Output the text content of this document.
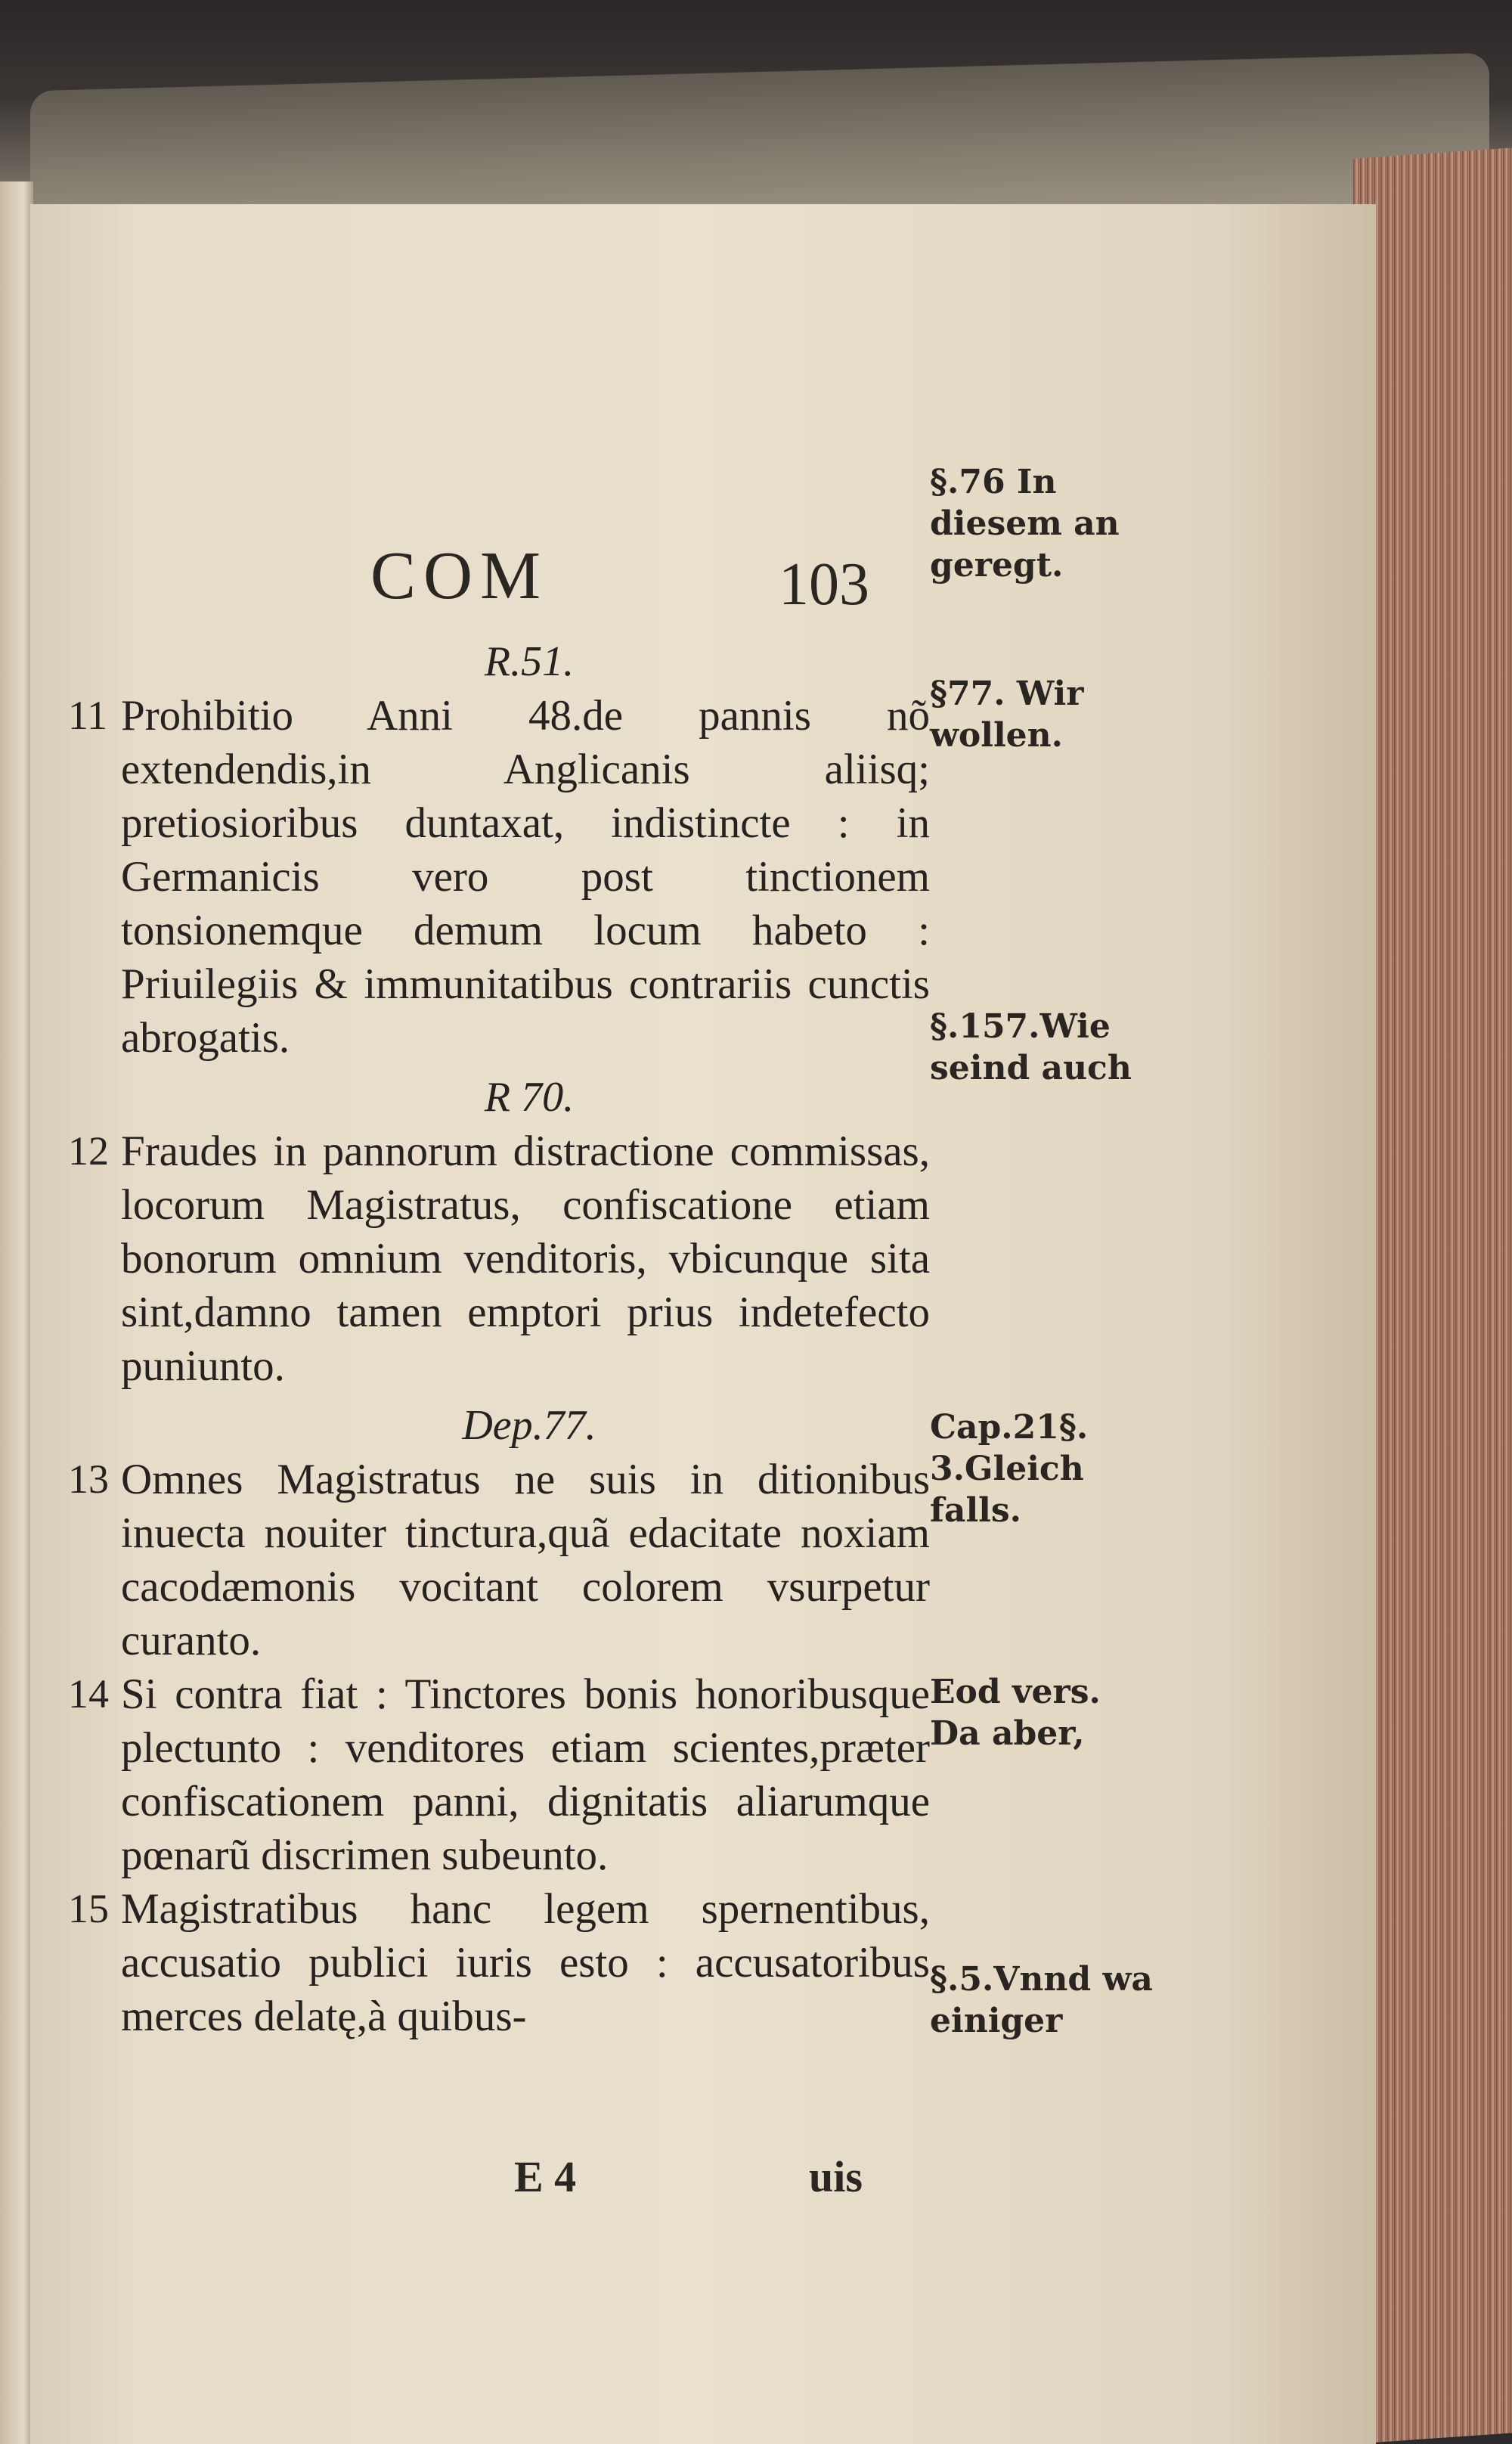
COM	103
R.51.
11 Prohibitio Anni 48.de pannis nõ extendendis,in Anglicanis aliisq; pretiosioribus duntaxat, indistincte : in Germanicis vero post tinctionem tonsionemque demum locum habeto : Priuilegiis & immunitatibus contrariis cunctis abrogatis.
R 70.
12 Fraudes in pannorum distractione commissas, locorum Magistratus, confiscatione etiam bonorum omnium venditoris, vbicunque sita sint,damno tamen emptori prius indetefecto puniunto.
Dep.77.
13 Omnes Magistratus ne suis in ditionibus inuecta nouiter tinctura,quã edacitate noxiam cacodæmonis vocitant colorem vsurpetur curanto.
14 Si contra fiat : Tinctores bonis honoribusque plectunto : venditores etiam scientes,præter confiscationem panni, dignitatis aliarumque pœnarũ discrimen subeunto.
15 Magistratibus hanc legem spernentibus, accusatio publici iuris esto : accusatoribus merces delatę,à quibus-
§.76 In diesem an geregt.
§77. Wir wollen.
§.157.Wie seind auch
Cap.21§. 3.Gleich falls.
Eod vers. Da aber,
§.5.Vnnd wa einiger
E 4	uis
